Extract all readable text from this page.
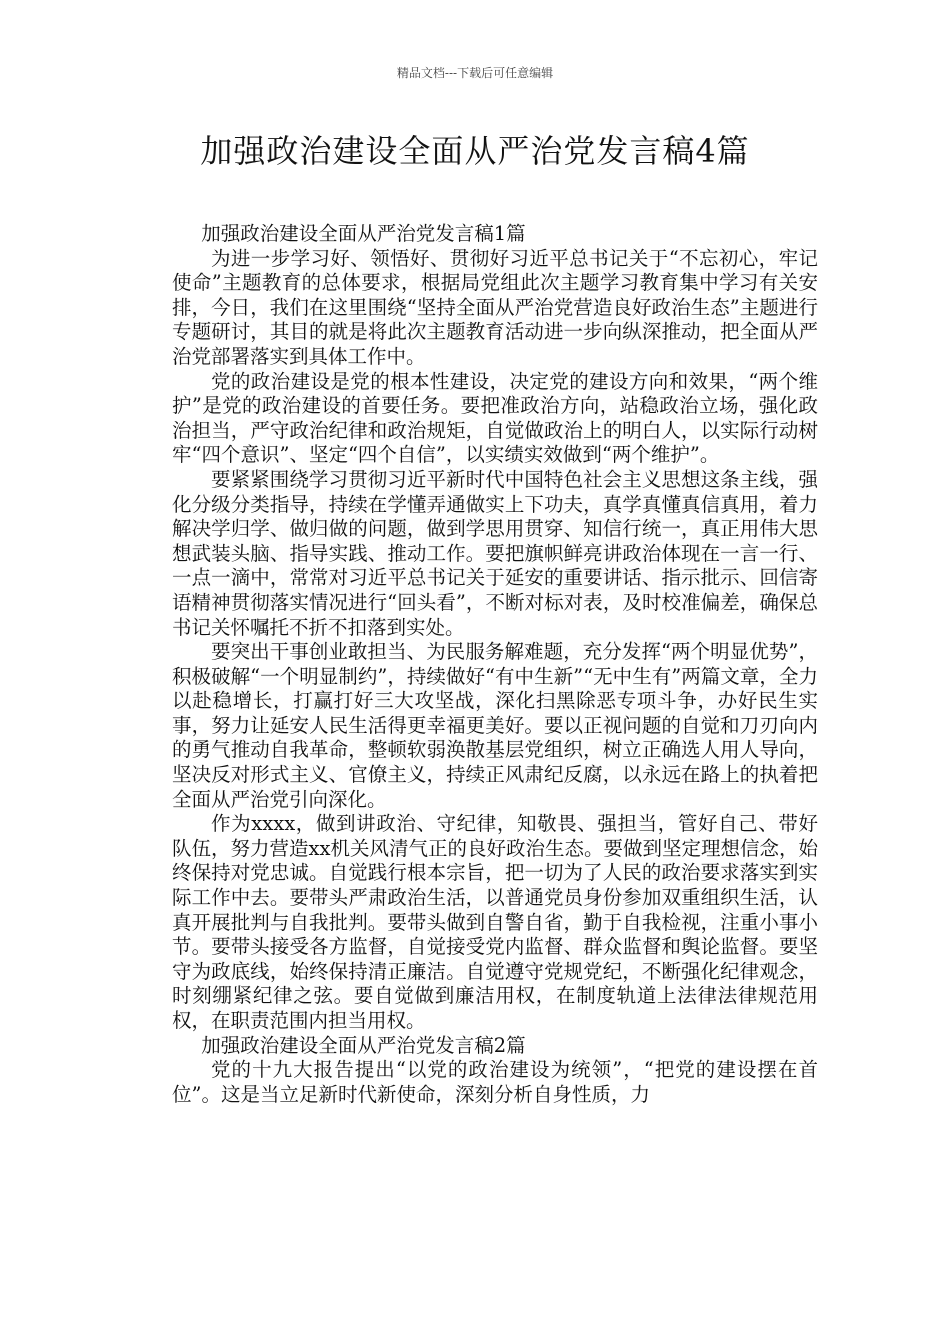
精品文档---下载后可任意编辑
加强政治建设全面从严治党发言稿4篇

加强政治建设全面从严治党发言稿1篇

为进一步学习好、领悟好、贯彻好习近平总书记关于“不忘初心，牢记使命”主题教育的总体要求，根据局党组此次主题学习教育集中学习有关安排，今日，我们在这里围绕“坚持全面从严治党营造良好政治生态”主题进行专题研讨，其目的就是将此次主题教育活动进一步向纵深推动，把全面从严治党部署落实到具体工作中。

党的政治建设是党的根本性建设，决定党的建设方向和效果，“两个维护”是党的政治建设的首要任务。要把准政治方向，站稳政治立场，强化政治担当，严守政治纪律和政治规矩，自觉做政治上的明白人，以实际行动树牢“四个意识”、坚定“四个自信”，以实绩实效做到“两个维护”。

要紧紧围绕学习贯彻习近平新时代中国特色社会主义思想这条主线，强化分级分类指导，持续在学懂弄通做实上下功夫，真学真懂真信真用，着力解决学归学、做归做的问题，做到学思用贯穿、知信行统一，真正用伟大思想武装头脑、指导实践、推动工作。要把旗帜鲜亮讲政治体现在一言一行、一点一滴中，常常对习近平总书记关于延安的重要讲话、指示批示、回信寄语精神贯彻落实情况进行“回头看”，不断对标对表，及时校准偏差，确保总书记关怀嘱托不折不扣落到实处。

要突出干事创业敢担当、为民服务解难题，充分发挥“两个明显优势”，积极破解“一个明显制约”，持续做好“有中生新”“无中生有”两篇文章，全力以赴稳增长，打赢打好三大攻坚战，深化扫黑除恶专项斗争，办好民生实事，努力让延安人民生活得更幸福更美好。要以正视问题的自觉和刀刃向内的勇气推动自我革命，整顿软弱涣散基层党组织，树立正确选人用人导向，坚决反对形式主义、官僚主义，持续正风肃纪反腐，以永远在路上的执着把全面从严治党引向深化。

作为xxxx，做到讲政治、守纪律，知敬畏、强担当，管好自己、带好队伍，努力营造xx机关风清气正的良好政治生态。要做到坚定理想信念，始终保持对党忠诚。自觉践行根本宗旨，把一切为了人民的政治要求落实到实际工作中去。要带头严肃政治生活，以普通党员身份参加双重组织生活，认真开展批判与自我批判。要带头做到自警自省，勤于自我检视，注重小事小节。要带头接受各方监督，自觉接受党内监督、群众监督和舆论监督。要坚守为政底线，始终保持清正廉洁。自觉遵守党规党纪，不断强化纪律观念，时刻绷紧纪律之弦。要自觉做到廉洁用权，在制度轨道上法律法律规范用权，在职责范围内担当用权。

加强政治建设全面从严治党发言稿2篇

党的十九大报告提出“以党的政治建设为统领”，“把党的建设摆在首位”。这是当立足新时代新使命，深刻分析自身性质，力
